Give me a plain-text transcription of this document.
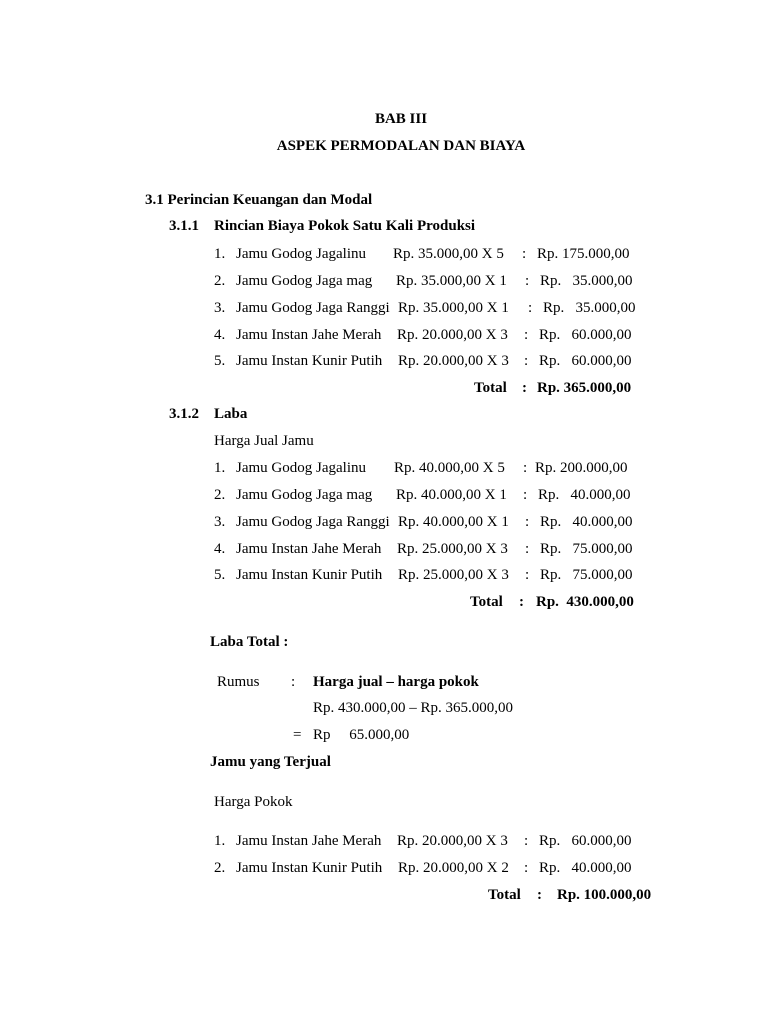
BAB III
ASPEK PERMODALAN DAN BIAYA
3.1 Perincian Keuangan dan Modal
3.1.1 Rincian Biaya Pokok Satu Kali Produksi
1. Jamu Godog Jagalinu Rp. 35.000,00 X 5 : Rp. 175.000,00
2. Jamu Godog Jaga mag Rp. 35.000,00 X 1 : Rp.   35.000,00
3. Jamu Godog Jaga Ranggi Rp. 35.000,00 X 1 : Rp.   35.000,00
4. Jamu Instan Jahe Merah Rp. 20.000,00 X 3 : Rp.   60.000,00
5. Jamu Instan Kunir Putih Rp. 20.000,00 X 3 : Rp.   60.000,00
Total : Rp. 365.000,00
3.1.2 Laba
Harga Jual Jamu
1. Jamu Godog Jagalinu Rp. 40.000,00 X 5 : Rp. 200.000,00
2. Jamu Godog Jaga mag Rp. 40.000,00 X 1 : Rp.   40.000,00
3. Jamu Godog Jaga Ranggi Rp. 40.000,00 X 1 : Rp.   40.000,00
4. Jamu Instan Jahe Merah Rp. 25.000,00 X 3 : Rp.   75.000,00
5. Jamu Instan Kunir Putih Rp. 25.000,00 X 3 : Rp.   75.000,00
Total : Rp.  430.000,00
Laba Total :
Rumus : Harga jual – harga pokok
Rp. 430.000,00 – Rp. 365.000,00
= Rp     65.000,00
Jamu yang Terjual
Harga Pokok
1. Jamu Instan Jahe Merah Rp. 20.000,00 X 3 : Rp.   60.000,00
2. Jamu Instan Kunir Putih Rp. 20.000,00 X 2 : Rp.   40.000,00
Total : Rp. 100.000,00
